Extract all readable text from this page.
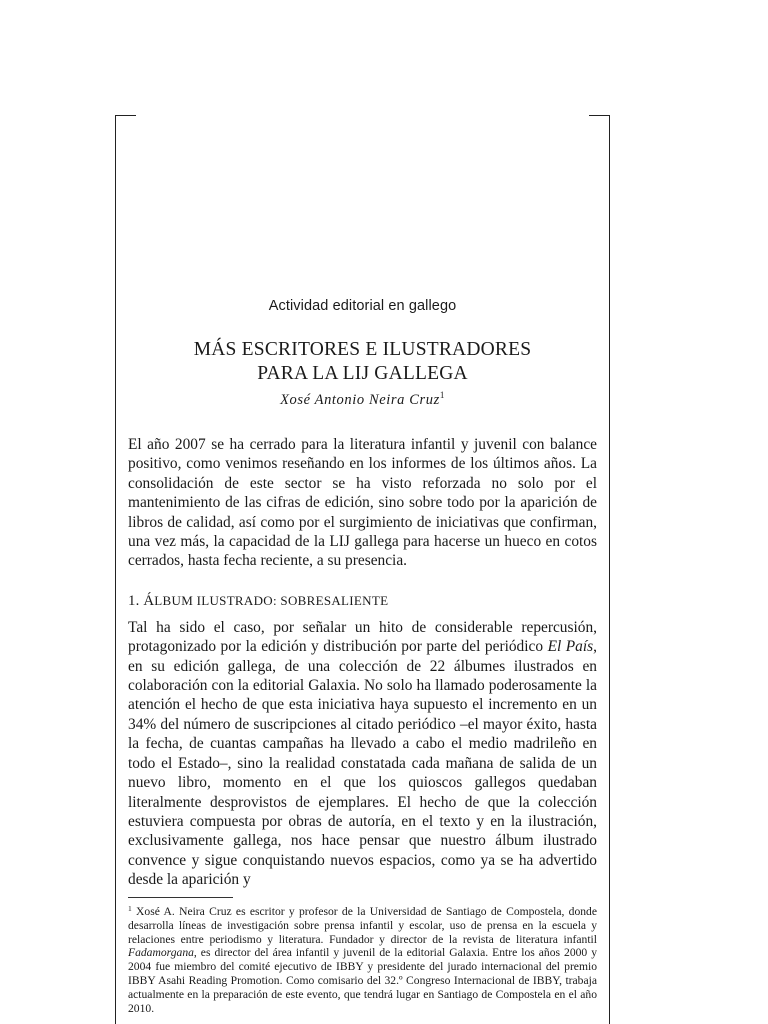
Actividad editorial en gallego
MÁS ESCRITORES E ILUSTRADORES
PARA LA LIJ GALLEGA
Xosé Antonio Neira Cruz$^1$

El año 2007 se ha cerrado para la literatura infantil y juvenil con balance positivo, como venimos reseñando en los informes de los últimos años. La consolidación de este sector se ha visto reforzada no solo por el mantenimiento de las cifras de edición, sino sobre todo por la aparición de libros de calidad, así como por el surgimiento de iniciativas que confirman, una vez más, la capacidad de la LIJ gallega para hacerse un hueco en cotos cerrados, hasta fecha reciente, a su presencia.

1. ÁLBUM ILUSTRADO: SOBRESALIENTE

Tal ha sido el caso, por señalar un hito de considerable repercusión, protagonizado por la edición y distribución por parte del periódico El País, en su edición gallega, de una colección de 22 álbumes ilustrados en colaboración con la editorial Galaxia. No solo ha llamado poderosamente la atención el hecho de que esta iniciativa haya supuesto el incremento en un 34% del número de suscripciones al citado periódico –el mayor éxito, hasta la fecha, de cuantas campañas ha llevado a cabo el medio madrileño en todo el Estado–, sino la realidad constatada cada mañana de salida de un nuevo libro, momento en el que los quioscos gallegos quedaban literalmente desprovistos de ejemplares. El hecho de que la colección estuviera compuesta por obras de autoría, en el texto y en la ilustración, exclusivamente gallega, nos hace pensar que nuestro álbum ilustrado convence y sigue conquistando nuevos espacios, como ya se ha advertido desde la aparición y

$^1$ Xosé A. Neira Cruz es escritor y profesor de la Universidad de Santiago de Compostela, donde desarrolla líneas de investigación sobre prensa infantil y escolar, uso de prensa en la escuela y relaciones entre periodismo y literatura. Fundador y director de la revista de literatura infantil Fadamorgana, es director del área infantil y juvenil de la editorial Galaxia. Entre los años 2000 y 2004 fue miembro del comité ejecutivo de IBBY y presidente del jurado internacional del premio IBBY Asahi Reading Promotion. Como comisario del 32.º Congreso Internacional de IBBY, trabaja actualmente en la preparación de este evento, que tendrá lugar en Santiago de Compostela en el año 2010.
